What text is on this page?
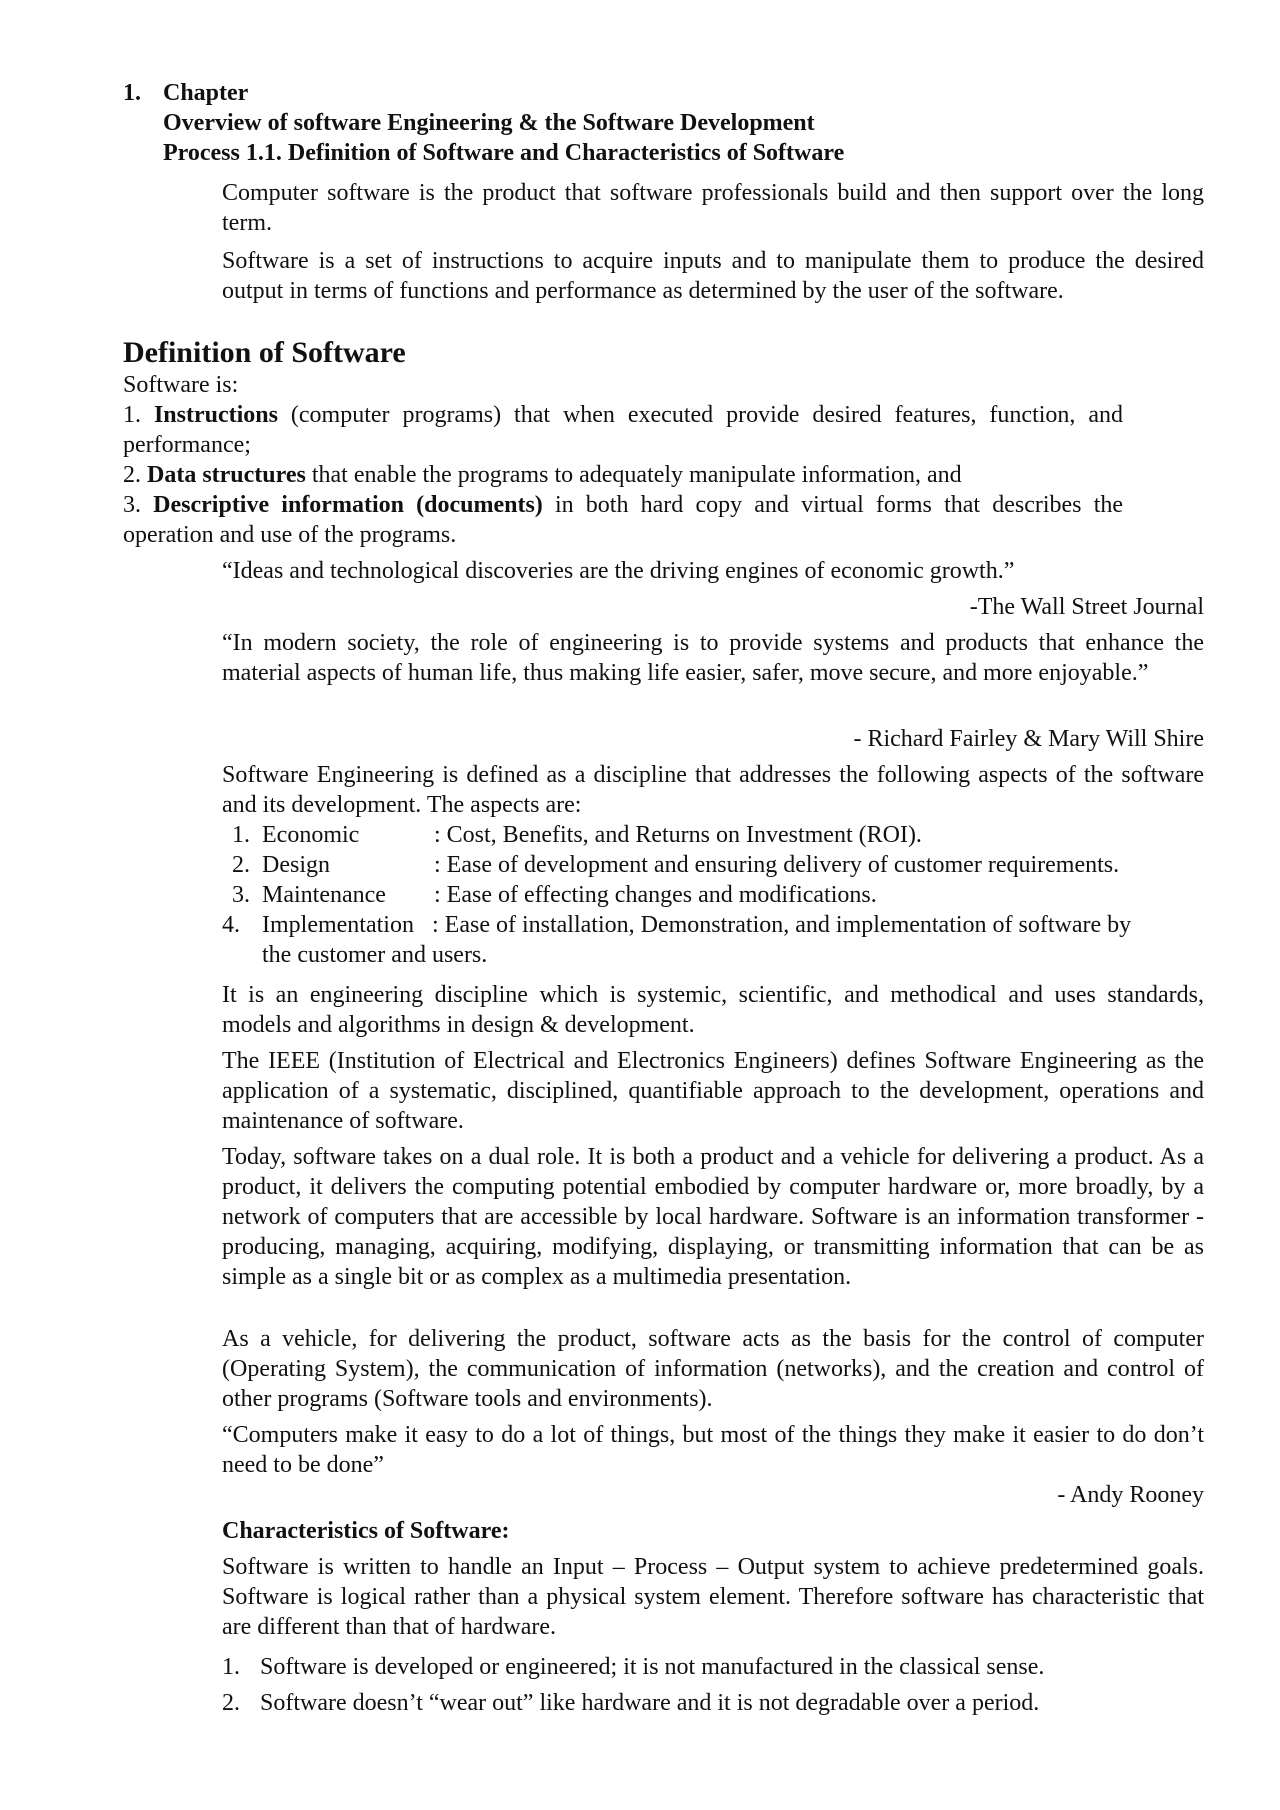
1. Chapter
Overview of software Engineering & the Software Development
Process 1.1. Definition of Software and Characteristics of Software

Computer software is the product that software professionals build and then support over the long term.

Software is a set of instructions to acquire inputs and to manipulate them to produce the desired output in terms of functions and performance as determined by the user of the software.

Definition of Software
Software is:
1. Instructions (computer programs) that when executed provide desired features, function, and performance;
2. Data structures that enable the programs to adequately manipulate information, and
3. Descriptive information (documents) in both hard copy and virtual forms that describes the operation and use of the programs.
“Ideas and technological discoveries are the driving engines of economic growth.”
-The Wall Street Journal
“In modern society, the role of engineering is to provide systems and products that enhance the material aspects of human life, thus making life easier, safer, move secure, and more enjoyable.”
- Richard Fairley & Mary Will Shire
Software Engineering is defined as a discipline that addresses the following aspects of the software and its development. The aspects are:
1. Economic	: Cost, Benefits, and Returns on Investment (ROI).
2. Design	: Ease of development and ensuring delivery of customer requirements.
3. Maintenance : Ease of effecting changes and modifications.
4. Implementation : Ease of installation, Demonstration, and implementation of software by
the customer and users.
It is an engineering discipline which is systemic, scientific, and methodical and uses standards, models and algorithms in design & development.
The IEEE (Institution of Electrical and Electronics Engineers) defines Software Engineering as the application of a systematic, disciplined, quantifiable approach to the development, operations and maintenance of software.
Today, software takes on a dual role. It is both a product and a vehicle for delivering a product. As a product, it delivers the computing potential embodied by computer hardware or, more broadly, by a network of computers that are accessible by local hardware. Software is an information transformer - producing, managing, acquiring, modifying, displaying, or transmitting information that can be as simple as a single bit or as complex as a multimedia presentation.
As a vehicle, for delivering the product, software acts as the basis for the control of computer (Operating System), the communication of information (networks), and the creation and control of other programs (Software tools and environments).
“Computers make it easy to do a lot of things, but most of the things they make it easier to do don’t need to be done”
- Andy Rooney
Characteristics of Software:
Software is written to handle an Input – Process – Output system to achieve predetermined goals. Software is logical rather than a physical system element. Therefore software has characteristic that are different than that of hardware.
1. Software is developed or engineered; it is not manufactured in the classical sense.
2. Software doesn’t “wear out” like hardware and it is not degradable over a period.
